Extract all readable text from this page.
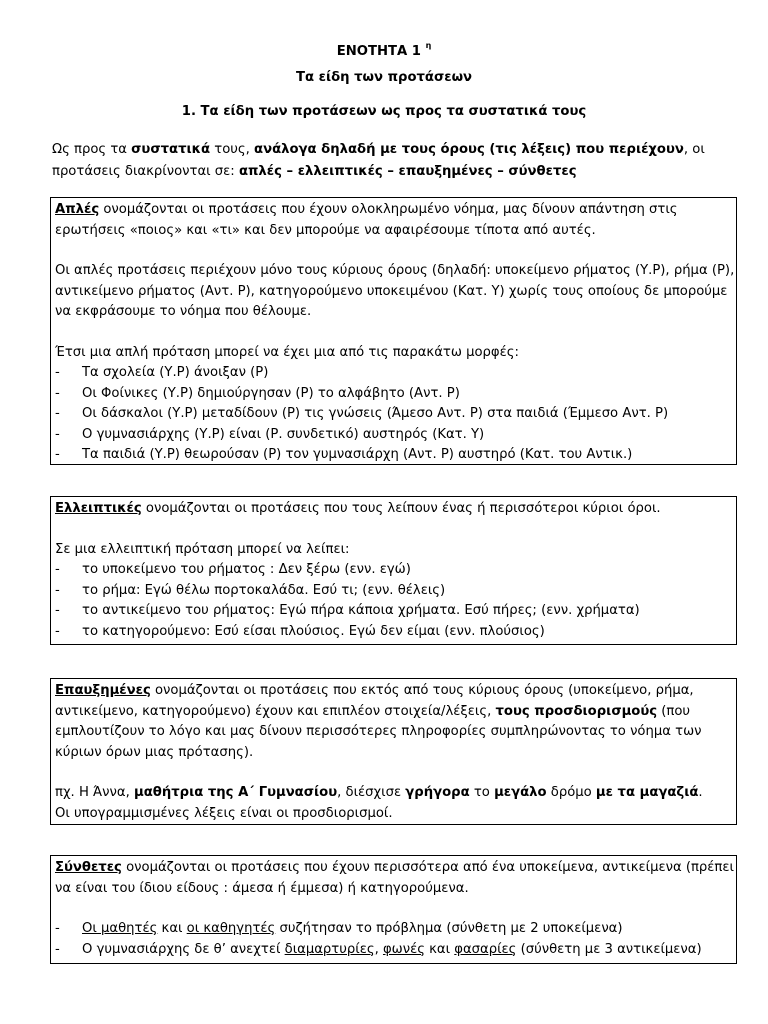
ΕΝΟΤΗΤΑ 1 $^\eta$
Τα είδη των προτάσεων
1. Τα είδη των προτάσεων ως προς τα συστατικά τους
Ως προς τα συστατικά τους, ανάλογα δηλαδή με τους όρους (τις λέξεις) που περιέχουν, οι
προτάσεις διακρίνονται σε: απλές – ελλειπτικές – επαυξημένες – σύνθετες

Απλές ονομάζονται οι προτάσεις που έχουν ολοκληρωμένο νόημα, μας δίνουν απάντηση στις ερωτήσεις «ποιος» και «τι» και δεν μπορούμε να αφαιρέσουμε τίποτα από αυτές.

Οι απλές προτάσεις περιέχουν μόνο τους κύριους όρους (δηλαδή: υποκείμενο ρήματος (Υ.Ρ), ρήμα (Ρ), αντικείμενο ρήματος (Αντ. Ρ), κατηγορούμενο υποκειμένου (Κατ. Υ) χωρίς τους οποίους δε μπορούμε να εκφράσουμε το νόημα που θέλουμε.

Έτσι μια απλή πρόταση μπορεί να έχει μια από τις παρακάτω μορφές:

-	Τα σχολεία (Υ.Ρ) άνοιξαν (Ρ)
-	Οι Φοίνικες (Υ.Ρ) δημιούργησαν (Ρ) το αλφάβητο (Αντ. Ρ)
-	Οι δάσκαλοι (Υ.Ρ) μεταδίδουν (Ρ) τις γνώσεις (Άμεσο Αντ. Ρ) στα παιδιά (Έμμεσο Αντ. Ρ)
-	Ο γυμνασιάρχης (Υ.Ρ) είναι (Ρ. συνδετικό) αυστηρός (Κατ. Υ)
-	Τα παιδιά (Υ.Ρ) θεωρούσαν (Ρ) τον γυμνασιάρχη (Αντ. Ρ) αυστηρό (Κατ. του Αντικ.)

Ελλειπτικές ονομάζονται οι προτάσεις που τους λείπουν ένας ή περισσότεροι κύριοι όροι.

Σε μια ελλειπτική πρόταση μπορεί να λείπει:

-	το υποκείμενο του ρήματος : Δεν ξέρω (ενν. εγώ)
-	το ρήμα: Εγώ θέλω πορτοκαλάδα. Εσύ τι; (ενν. θέλεις)
-	το αντικείμενο του ρήματος: Εγώ πήρα κάποια χρήματα. Εσύ πήρες; (ενν. χρήματα)
-	το κατηγορούμενο: Εσύ είσαι πλούσιος. Εγώ δεν είμαι (ενν. πλούσιος)

Επαυξημένες ονομάζονται οι προτάσεις που εκτός από τους κύριους όρους (υποκείμενο, ρήμα, αντικείμενο, κατηγορούμενο) έχουν και επιπλέον στοιχεία/λέξεις, τους προσδιορισμούς (που εμπλουτίζουν το λόγο και μας δίνουν περισσότερες πληροφορίες συμπληρώνοντας το νόημα των κύριων όρων μιας πρότασης).

πχ. Η Άννα, μαθήτρια της Α΄ Γυμνασίου, διέσχισε γρήγορα το μεγάλο δρόμο με τα μαγαζιά.

Οι υπογραμμισμένες λέξεις είναι οι προσδιορισμοί.

Σύνθετες ονομάζονται οι προτάσεις που έχουν περισσότερα από ένα υποκείμενα, αντικείμενα (πρέπει να είναι του ίδιου είδους : άμεσα ή έμμεσα) ή κατηγορούμενα.

-	Οι μαθητές και οι καθηγητές συζήτησαν το πρόβλημα (σύνθετη με 2 υποκείμενα)
-	Ο γυμνασιάρχης δε θ’ ανεχτεί διαμαρτυρίες, φωνές και φασαρίες (σύνθετη με 3 αντικείμενα)
